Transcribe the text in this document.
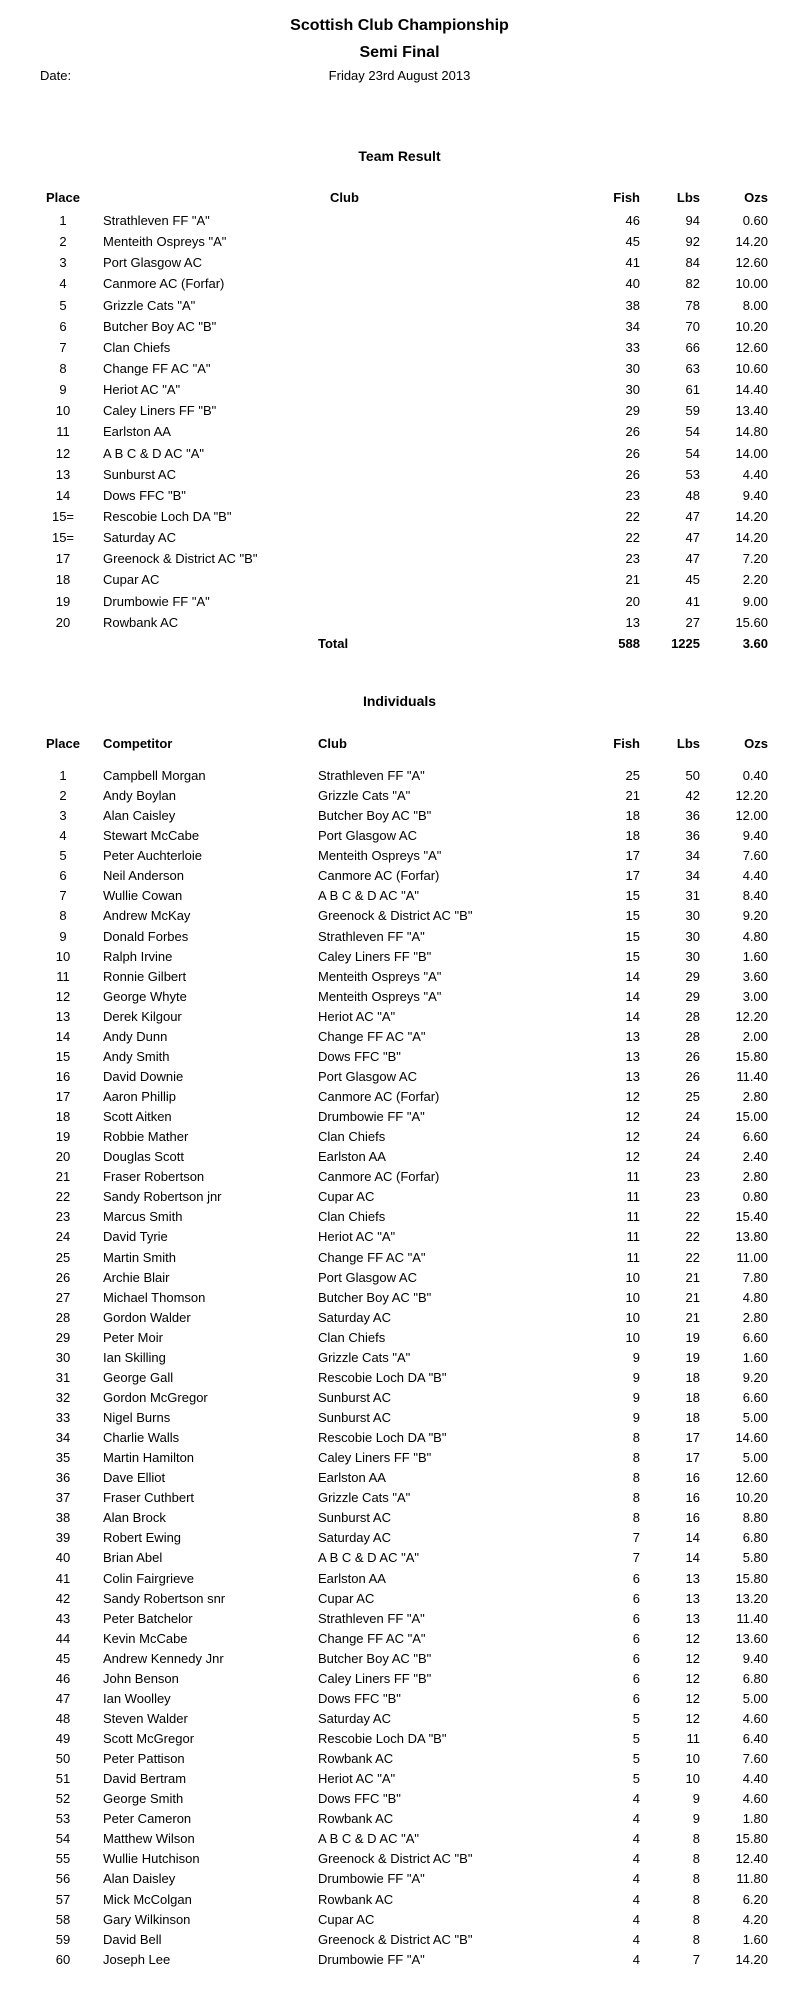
Scottish Club Championship
Semi Final
Date:	Friday 23rd August 2013
Team Result
Place	Club	Fish	Lbs	Ozs
1	Strathleven FF "A"	46	94	0.60
2	Menteith Ospreys "A"	45	92	14.20
3	Port Glasgow AC	41	84	12.60
4	Canmore AC (Forfar)	40	82	10.00
5	Grizzle Cats "A"	38	78	8.00
6	Butcher Boy AC "B"	34	70	10.20
7	Clan Chiefs	33	66	12.60
8	Change FF AC "A"	30	63	10.60
9	Heriot AC "A"	30	61	14.40
10	Caley Liners FF "B"	29	59	13.40
11	Earlston AA	26	54	14.80
12	A B C & D AC "A"	26	54	14.00
13	Sunburst AC	26	53	4.40
14	Dows FFC "B"	23	48	9.40
15=	Rescobie Loch DA "B"	22	47	14.20
15=	Saturday AC	22	47	14.20
17	Greenock & District AC "B"	23	47	7.20
18	Cupar AC	21	45	2.20
19	Drumbowie FF "A"	20	41	9.00
20	Rowbank AC	13	27	15.60
Total	588	1225	3.60
Individuals
Place	Competitor	Club	Fish	Lbs	Ozs
1	Campbell Morgan	Strathleven FF "A"	25	50	0.40
2	Andy Boylan	Grizzle Cats "A"	21	42	12.20
3	Alan Caisley	Butcher Boy AC "B"	18	36	12.00
4	Stewart McCabe	Port Glasgow AC	18	36	9.40
5	Peter Auchterloie	Menteith Ospreys "A"	17	34	7.60
6	Neil Anderson	Canmore AC (Forfar)	17	34	4.40
7	Wullie Cowan	A B C & D AC "A"	15	31	8.40
8	Andrew McKay	Greenock & District AC "B"	15	30	9.20
9	Donald Forbes	Strathleven FF "A"	15	30	4.80
10	Ralph Irvine	Caley Liners FF "B"	15	30	1.60
11	Ronnie Gilbert	Menteith Ospreys "A"	14	29	3.60
12	George Whyte	Menteith Ospreys "A"	14	29	3.00
13	Derek Kilgour	Heriot AC "A"	14	28	12.20
14	Andy Dunn	Change FF AC "A"	13	28	2.00
15	Andy Smith	Dows FFC "B"	13	26	15.80
16	David Downie	Port Glasgow AC	13	26	11.40
17	Aaron Phillip	Canmore AC (Forfar)	12	25	2.80
18	Scott Aitken	Drumbowie FF "A"	12	24	15.00
19	Robbie Mather	Clan Chiefs	12	24	6.60
20	Douglas Scott	Earlston AA	12	24	2.40
21	Fraser Robertson	Canmore AC (Forfar)	11	23	2.80
22	Sandy Robertson jnr	Cupar AC	11	23	0.80
23	Marcus Smith	Clan Chiefs	11	22	15.40
24	David Tyrie	Heriot AC "A"	11	22	13.80
25	Martin Smith	Change FF AC "A"	11	22	11.00
26	Archie Blair	Port Glasgow AC	10	21	7.80
27	Michael Thomson	Butcher Boy AC "B"	10	21	4.80
28	Gordon Walder	Saturday AC	10	21	2.80
29	Peter Moir	Clan Chiefs	10	19	6.60
30	Ian Skilling	Grizzle Cats "A"	9	19	1.60
31	George Gall	Rescobie Loch DA "B"	9	18	9.20
32	Gordon McGregor	Sunburst AC	9	18	6.60
33	Nigel Burns	Sunburst AC	9	18	5.00
34	Charlie Walls	Rescobie Loch DA "B"	8	17	14.60
35	Martin Hamilton	Caley Liners FF "B"	8	17	5.00
36	Dave Elliot	Earlston AA	8	16	12.60
37	Fraser Cuthbert	Grizzle Cats "A"	8	16	10.20
38	Alan Brock	Sunburst AC	8	16	8.80
39	Robert Ewing	Saturday AC	7	14	6.80
40	Brian Abel	A B C & D AC "A"	7	14	5.80
41	Colin Fairgrieve	Earlston AA	6	13	15.80
42	Sandy Robertson snr	Cupar AC	6	13	13.20
43	Peter Batchelor	Strathleven FF "A"	6	13	11.40
44	Kevin McCabe	Change FF AC "A"	6	12	13.60
45	Andrew Kennedy Jnr	Butcher Boy AC "B"	6	12	9.40
46	John Benson	Caley Liners FF "B"	6	12	6.80
47	Ian Woolley	Dows FFC "B"	6	12	5.00
48	Steven Walder	Saturday AC	5	12	4.60
49	Scott McGregor	Rescobie Loch DA "B"	5	11	6.40
50	Peter Pattison	Rowbank AC	5	10	7.60
51	David Bertram	Heriot AC "A"	5	10	4.40
52	George Smith	Dows FFC "B"	4	9	4.60
53	Peter Cameron	Rowbank AC	4	9	1.80
54	Matthew Wilson	A B C & D AC "A"	4	8	15.80
55	Wullie Hutchison	Greenock & District AC "B"	4	8	12.40
56	Alan Daisley	Drumbowie FF "A"	4	8	11.80
57	Mick McColgan	Rowbank AC	4	8	6.20
58	Gary Wilkinson	Cupar AC	4	8	4.20
59	David Bell	Greenock & District AC "B"	4	8	1.60
60	Joseph Lee	Drumbowie FF "A"	4	7	14.20
